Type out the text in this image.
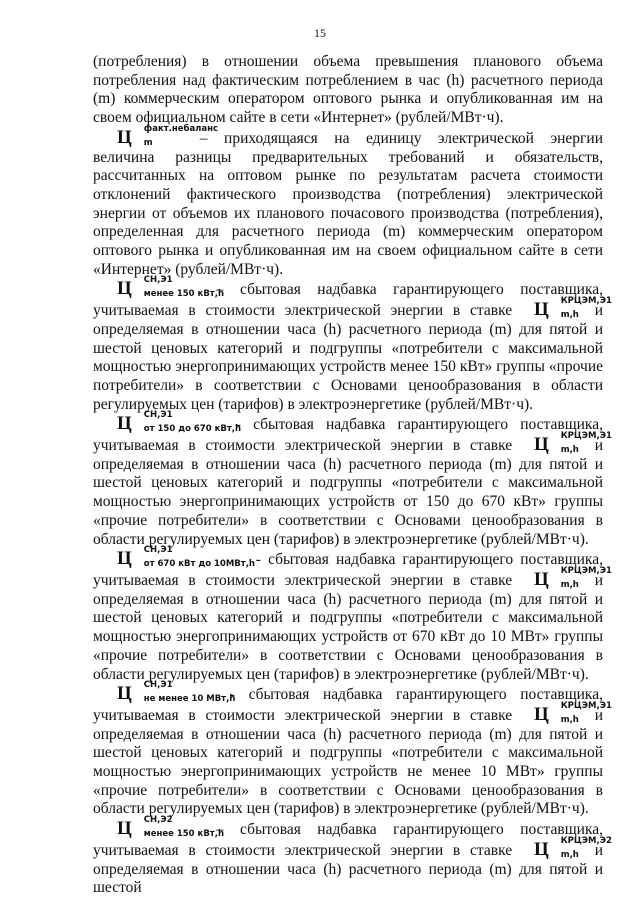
15

(потребления) в отношении объема превышения планового объема потребления над фактическим потреблением в час (h) расчетного периода (m) коммерческим оператором оптового рынка и опубликованная им на своем официальном сайте в сети «Интернет» (рублей/МВт·ч).

Ц	факт.небаланс
m	– приходящаяся на единицу электрической энергии величина разницы предварительных требований и обязательств, рассчитанных на оптовом рынке по результатам расчета стоимости отклонений фактического производства (потребления) электрической энергии от объемов их планового почасового производства (потребления), определенная для расчетного периода (m) коммерческим оператором оптового рынка и опубликованная им на своем официальном сайте в сети «Интернет» (рублей/МВт·ч).

Ц	СН,Э1
менее 150 кВт,h
– сбытовая надбавка гарантирующего поставщика, учитываемая в стоимости электрической энергии в ставке Ц	КРЦЭМ,Э1
m,h и определяемая в отношении часа (h) расчетного периода (m) для пятой и шестой ценовых категорий и подгруппы «потребители с максимальной мощностью энергопринимающих устройств менее 150 кВт» группы «прочие потребители» в соответствии с Основами ценообразования в области регулируемых цен (тарифов) в электроэнергетике (рублей/МВт·ч).

Ц	СН,Э1
от 150 до 670 кВт,h
- сбытовая надбавка гарантирующего поставщика, учитываемая в стоимости электрической энергии в ставке Ц	КРЦЭМ,Э1
m,h и определяемая в отношении часа (h) расчетного периода (m) для пятой и шестой ценовых категорий и подгруппы «потребители с максимальной мощностью энергопринимающих устройств от 150 до 670 кВт» группы «прочие потребители» в соответствии с Основами ценообразования в области регулируемых цен (тарифов) в электроэнергетике (рублей/МВт·ч).

Ц	СН,Э1
от 670 кВт до 10МВт,h - сбытовая надбавка гарантирующего поставщика, учитываемая в стоимости электрической энергии в ставке Ц	КРЦЭМ,Э1
m,h и определяемая в отношении часа (h) расчетного периода (m) для пятой и шестой ценовых категорий и подгруппы «потребители с максимальной мощностью энергопринимающих устройств от 670 кВт до 10 МВт» группы «прочие потребители» в соответствии с Основами ценообразования в области регулируемых цен (тарифов) в электроэнергетике (рублей/МВт·ч).

Ц	СН,Э1
не менее 10 МВт,h
- сбытовая надбавка гарантирующего поставщика, учитываемая в стоимости электрической энергии в ставке Ц	КРЦЭМ,Э1
m,h и определяемая в отношении часа (h) расчетного периода (m) для пятой и шестой ценовых категорий и подгруппы «потребители с максимальной мощностью энергопринимающих устройств не менее 10 МВт» группы «прочие потребители» в соответствии с Основами ценообразования в области регулируемых цен (тарифов) в электроэнергетике (рублей/МВт·ч).

Ц	СН,Э2
менее 150 кВт,h
– сбытовая надбавка гарантирующего поставщика, учитываемая в стоимости электрической энергии в ставке Ц	КРЦЭМ,Э2
m,h и определяемая в отношении часа (h) расчетного периода (m) для пятой и шестой
